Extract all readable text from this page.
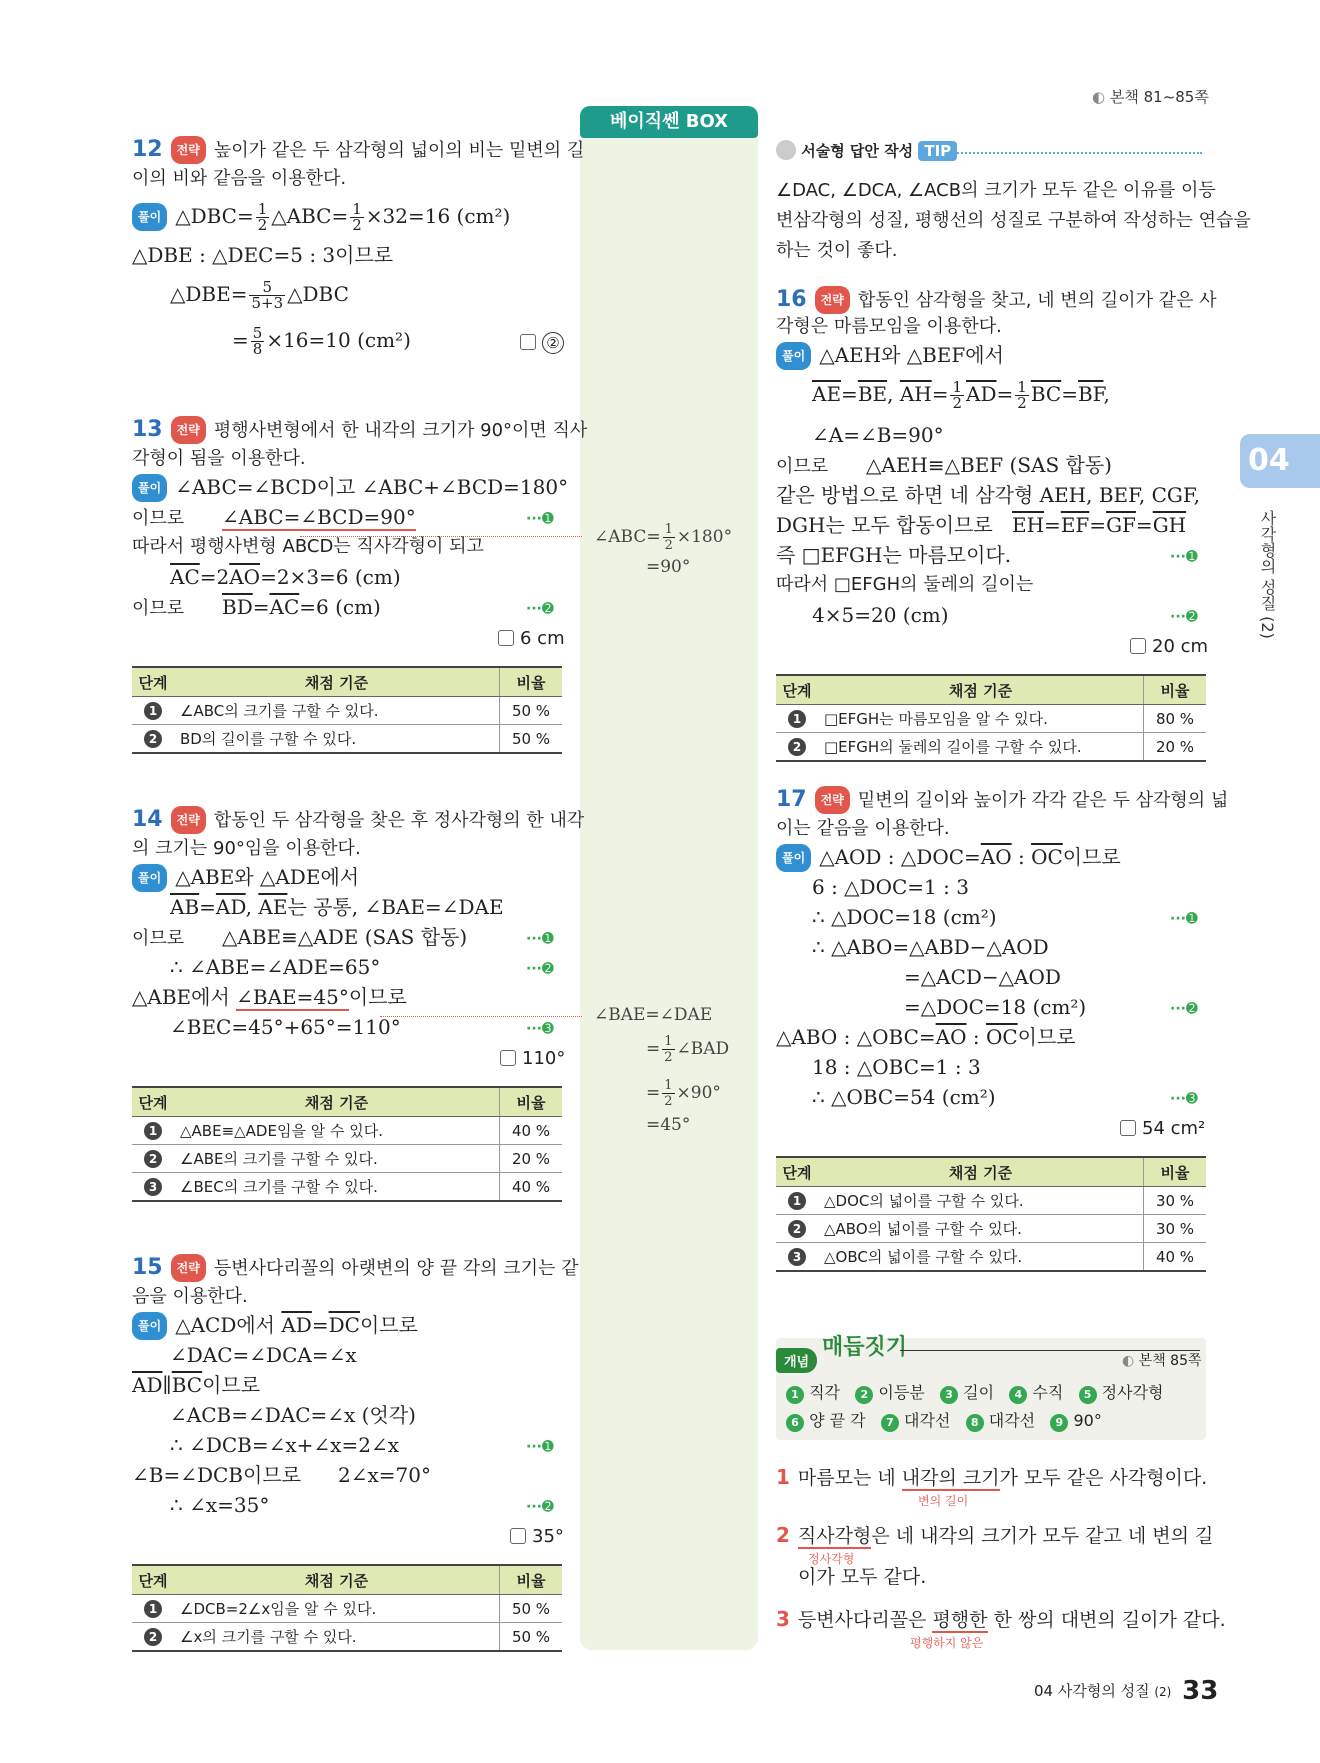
◐ 본책 81~85쪽
04
사각형의 성질 (2)
베이직쎈 BOX
∠ABC= $\frac{1}{2} \times 180^\circ$
=90°
∠BAE=∠DAE
= $\frac{1}{2}$ ∠BAD
= $\frac{1}{2} \times 90^\circ$
=45°
12 전략 높이가 같은 두 삼각형의 넓이의 비는 밑변의 길
이의 비와 같음을 이용한다.
풀이 △DBC= $\frac{1}{2}$ △ABC= $\frac{1}{2} \times 32=16$ (cm²)
△DBE : △DEC=5 : 3이므로
△DBE= $\frac{5}{5+3}$ △DBC
= $\frac{5}{8} \times 16=10$ (cm²)	②
13 전략 평행사변형에서 한 내각의 크기가 90°이면 직사
각형이 됨을 이용한다.
풀이 ∠ABC=∠BCD이고 ∠ABC+∠BCD=180°
이므로 ∠ABC=∠BCD=90°	···➊
따라서 평행사변형 ABCD는 직사각형이 되고
$\overline{AC}=2\overline{AO}=2\times 3=6$ (cm)
이므로 $\overline{BD}=\overline{AC}=6$ (cm)	···➋
6 cm
단계	채점 기준	비율
1	∠ABC의 크기를 구할 수 있다.	50 %
2	BD의 길이를 구할 수 있다.	50 %
14 전략 합동인 두 삼각형을 찾은 후 정사각형의 한 내각
의 크기는 90°임을 이용한다.
풀이 △ABE와 △ADE에서
$\overline{AB}=\overline{AD}$, $\overline{AE}$는 공통, ∠BAE=∠DAE
이므로 △ABE≡△ADE (SAS 합동)	···➊
∴ ∠ABE=∠ADE=65°	···➋
△ABE에서 ∠BAE=45°이므로
∠BEC=45°+65°=110°	···➌
110°
단계	채점 기준	비율
1	△ABE≡△ADE임을 알 수 있다.	40 %
2	∠ABE의 크기를 구할 수 있다.	20 %
3	∠BEC의 크기를 구할 수 있다.	40 %
15 전략 등변사다리꼴의 아랫변의 양 끝 각의 크기는 같
음을 이용한다.
풀이 △ACD에서 $\overline{AD}=\overline{DC}$이므로
∠DAC=∠DCA=∠x
$\overline{AD}\parallel\overline{BC}$이므로
∠ACB=∠DAC=∠x (엇각)
∴ ∠DCB=∠x+∠x=2∠x	···➊
∠B=∠DCB이므로 2∠x=70°
∴ ∠x=35°	···➋
35°
단계	채점 기준	비율
1	∠DCB=2∠x임을 알 수 있다.	50 %
2	∠x의 크기를 구할 수 있다.	50 %
서술형 답안 작성 TIP
∠DAC, ∠DCA, ∠ACB의 크기가 모두 같은 이유를 이등
변삼각형의 성질, 평행선의 성질로 구분하여 작성하는 연습을
하는 것이 좋다.
16 전략 합동인 삼각형을 찾고, 네 변의 길이가 같은 사
각형은 마름모임을 이용한다.
풀이 △AEH와 △BEF에서
$\overline{AE}=\overline{BE}$, $\overline{AH}= \frac{1}{2} \overline{AD}= \frac{1}{2} \overline{BC}=\overline{BF}$,
∠A=∠B=90°
이므로 △AEH≡△BEF (SAS 합동)
같은 방법으로 하면 네 삼각형 AEH, BEF, CGF,
DGH는 모두 합동이므로 $\overline{EH}=\overline{EF}=\overline{GF}=\overline{GH}$
즉 □EFGH는 마름모이다.	···➊
따라서 □EFGH의 둘레의 길이는
4×5=20 (cm)	···➋
20 cm
단계	채점 기준	비율
1	□EFGH는 마름모임을 알 수 있다.	80 %
2	□EFGH의 둘레의 길이를 구할 수 있다.	20 %
17 전략 밑변의 길이와 높이가 각각 같은 두 삼각형의 넓
이는 같음을 이용한다.
풀이 △AOD : $\triangle DOC=\overline{AO}$ : $\overline{OC}$이므로
6 : △DOC=1 : 3
∴ △DOC=18 (cm²)	···➊
∴ △ABO=△ABD−△AOD
=△ACD−△AOD
=△DOC=18 (cm²)	···➋
△ABO : $\triangle OBC=\overline{AO}$ : $\overline{OC}$이므로
18 : △OBC=1 : 3
∴ △OBC=54 (cm²)	···➌
54 cm²
단계	채점 기준	비율
1	△DOC의 넓이를 구할 수 있다.	30 %
2	△ABO의 넓이를 구할 수 있다.	30 %
3	△OBC의 넓이를 구할 수 있다.	40 %
개념
매듭짓기
◐ 본책 85쪽
1 직각 2 이등분 3 길이 4 수직 5 정사각형
6 양 끝 각 7 대각선 8 대각선 9 90°
1 마름모는 네 내각의 크기가 모두 같은 사각형이다.
변의 길이
2 직사각형은 네 내각의 크기가 모두 같고 네 변의 길
정사각형
이가 모두 같다.
3 등변사다리꼴은 평행한 한 쌍의 대변의 길이가 같다.
평행하지 않은
04 사각형의 성질 (2) 33
